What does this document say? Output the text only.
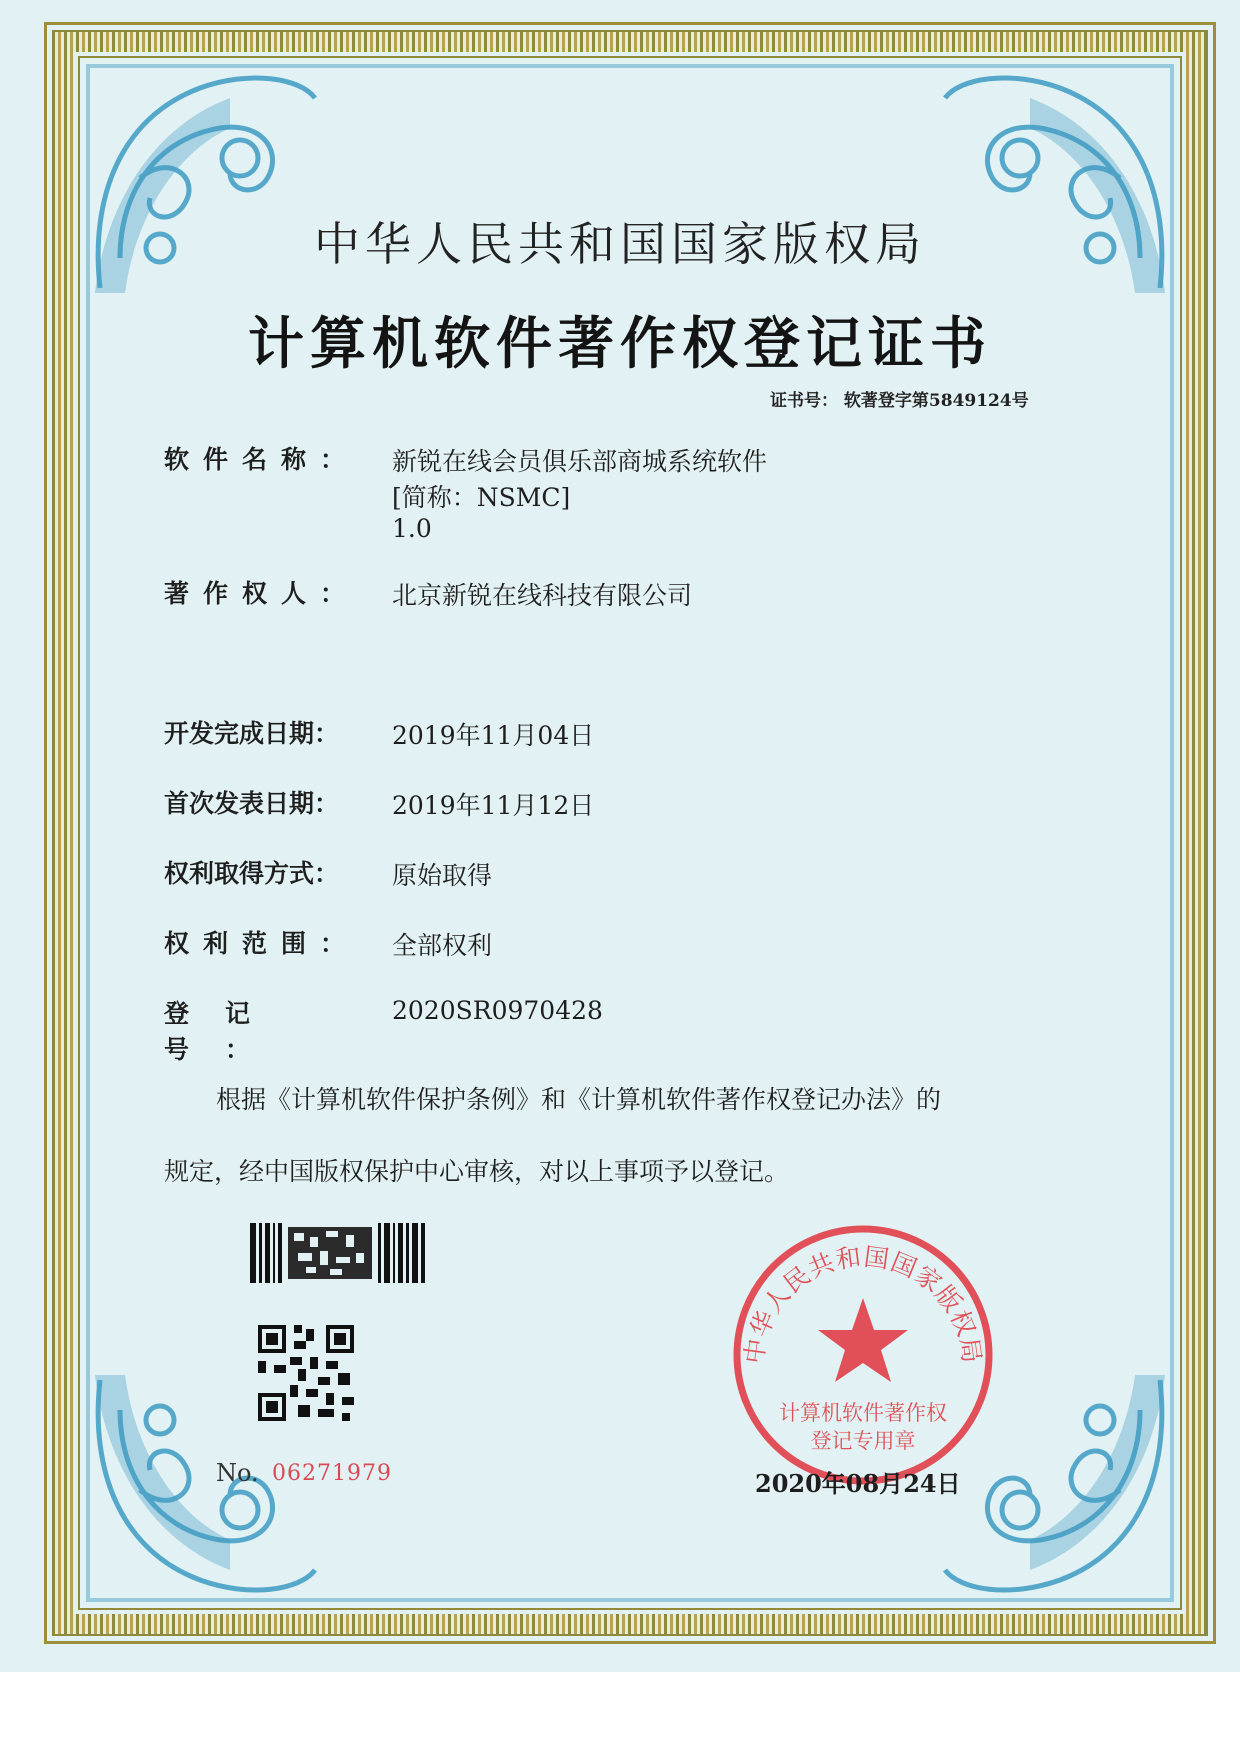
中华人民共和国国家版权局
计算机软件著作权登记证书
证书号： 软著登字第5849124号
软件名称： 新锐在线会员俱乐部商城系统软件
[简称：NSMC]
1.0
著作权人： 北京新锐在线科技有限公司
开发完成日期： 2019年11月04日
首次发表日期： 2019年11月12日
权利取得方式： 原始取得
权利范围： 全部权利
登记号：
2020SR0970428
根据《计算机软件保护条例》和《计算机软件著作权登记办法》的
规定，经中国版权保护中心审核，对以上事项予以登记。
No. 06271979
中华人民共和国国家版权局
计算机软件著作权
登记专用章
2020年08月24日
